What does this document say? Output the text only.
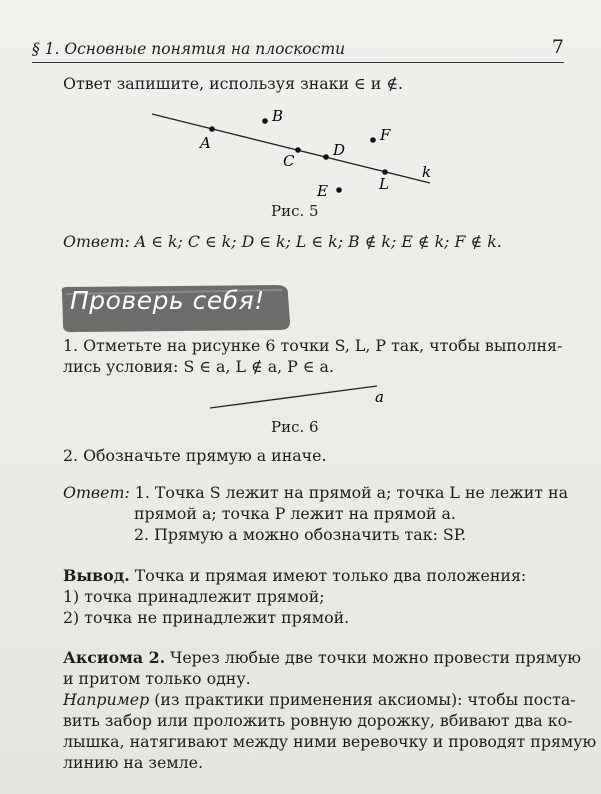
§ 1. Основные понятия на плоскости	7
Ответ запишите, используя знаки ∈ и ∉.
A
B
C
D
F
L
E
k
Рис. 5
Ответ: A ∈ k; C ∈ k; D ∈ k; L ∈ k; B ∉ k; E ∉ k; F ∉ k.
Проверь себя!
1. Отметьте на рисунке 6 точки S, L, P так, чтобы выполня-
лись условия: S ∈ a, L ∉ a, P ∈ a.
a
Рис. 6
2. Обозначьте прямую a иначе.
Ответ: 1. Точка S лежит на прямой a; точка L не лежит на
прямой a; точка P лежит на прямой a.
2. Прямую a можно обозначить так: SP.
Вывод. Точка и прямая имеют только два положения:
1) точка принадлежит прямой;
2) точка не принадлежит прямой.
Аксиома 2. Через любые две точки можно провести прямую
и притом только одну.
Например (из практики применения аксиомы): чтобы поста-
вить забор или проложить ровную дорожку, вбивают два ко-
лышка, натягивают между ними веревочку и проводят прямую
линию на земле.
